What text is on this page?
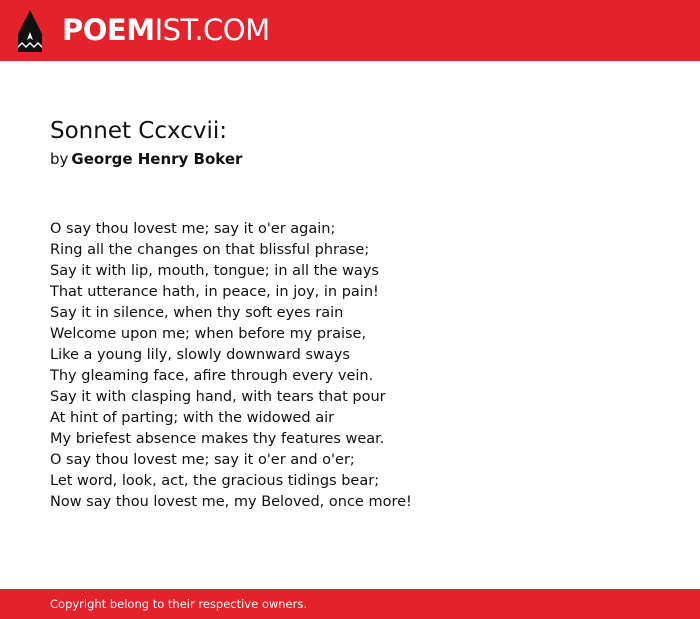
POEMIST.COM
Sonnet Ccxcvii:
by George Henry Boker
O say thou lovest me; say it o'er again;
Ring all the changes on that blissful phrase;
Say it with lip, mouth, tongue; in all the ways
That utterance hath, in peace, in joy, in pain!
Say it in silence, when thy soft eyes rain
Welcome upon me; when before my praise,
Like a young lily, slowly downward sways
Thy gleaming face, afire through every vein.
Say it with clasping hand, with tears that pour
At hint of parting; with the widowed air
My briefest absence makes thy features wear.
O say thou lovest me; say it o'er and o'er;
Let word, look, act, the gracious tidings bear;
Now say thou lovest me, my Beloved, once more!
Copyright belong to their respective owners.
